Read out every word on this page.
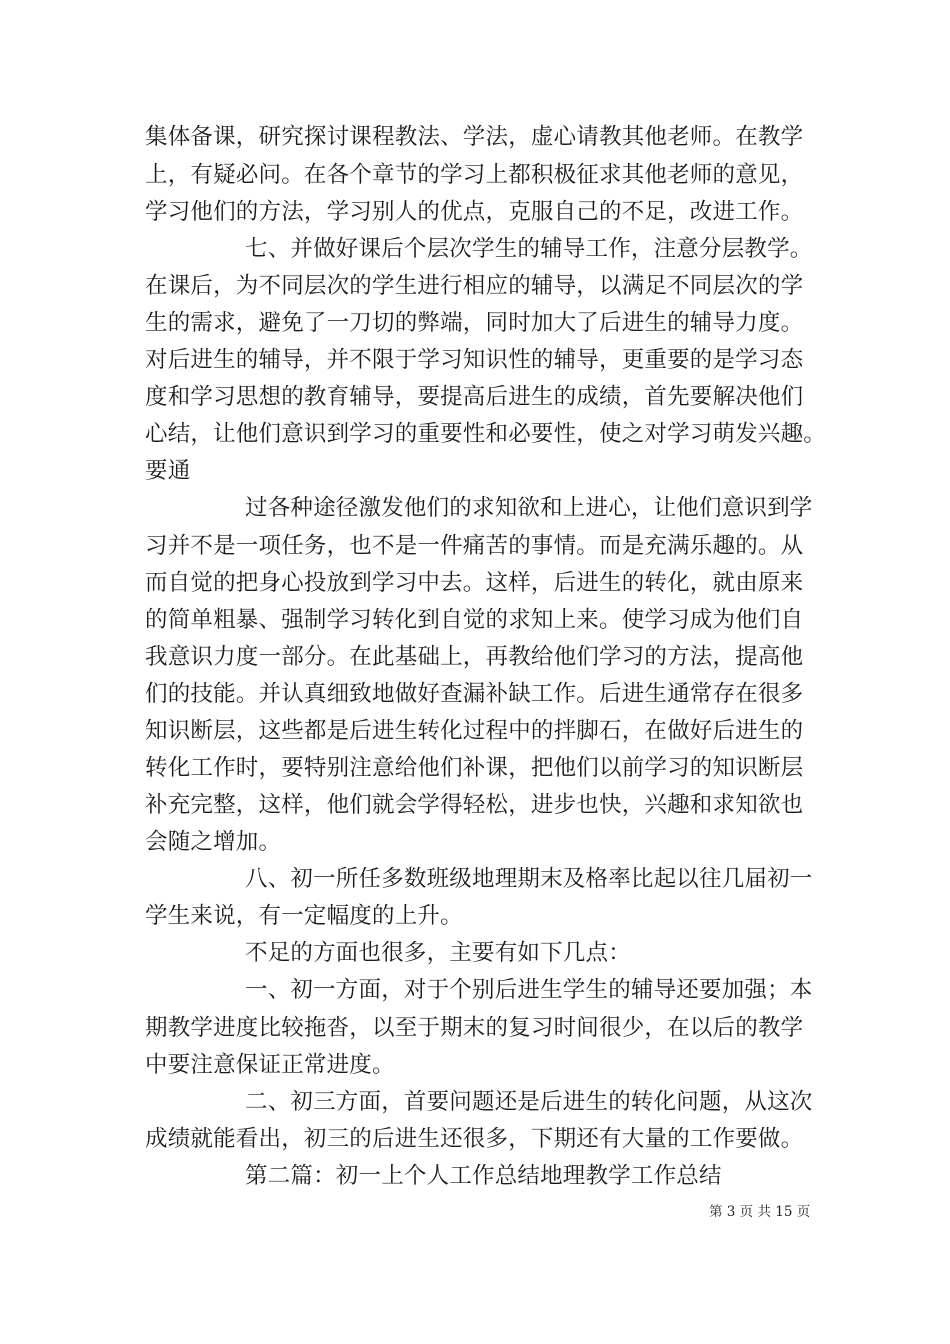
集体备课，研究探讨课程教法、学法，虚心请教其他老师。在教学
上，有疑必问。在各个章节的学习上都积极征求其他老师的意见，
学习他们的方法，学习别人的优点，克服自己的不足，改进工作。
七、并做好课后个层次学生的辅导工作，注意分层教学。
在课后，为不同层次的学生进行相应的辅导，以满足不同层次的学
生的需求，避免了一刀切的弊端，同时加大了后进生的辅导力度。
对后进生的辅导，并不限于学习知识性的辅导，更重要的是学习态
度和学习思想的教育辅导，要提高后进生的成绩，首先要解决他们
心结，让他们意识到学习的重要性和必要性，使之对学习萌发兴趣。
要通
过各种途径激发他们的求知欲和上进心，让他们意识到学
习并不是一项任务，也不是一件痛苦的事情。而是充满乐趣的。从
而自觉的把身心投放到学习中去。这样，后进生的转化，就由原来
的简单粗暴、强制学习转化到自觉的求知上来。使学习成为他们自
我意识力度一部分。在此基础上，再教给他们学习的方法，提高他
们的技能。并认真细致地做好查漏补缺工作。后进生通常存在很多
知识断层，这些都是后进生转化过程中的拌脚石，在做好后进生的
转化工作时，要特别注意给他们补课，把他们以前学习的知识断层
补充完整，这样，他们就会学得轻松，进步也快，兴趣和求知欲也
会随之增加。
八、初一所任多数班级地理期末及格率比起以往几届初一
学生来说，有一定幅度的上升。
不足的方面也很多，主要有如下几点：
一、初一方面，对于个别后进生学生的辅导还要加强；本
期教学进度比较拖沓，以至于期末的复习时间很少，在以后的教学
中要注意保证正常进度。
二、初三方面，首要问题还是后进生的转化问题，从这次
成绩就能看出，初三的后进生还很多，下期还有大量的工作要做。
第二篇：初一上个人工作总结地理教学工作总结
第 3 页 共 15 页
